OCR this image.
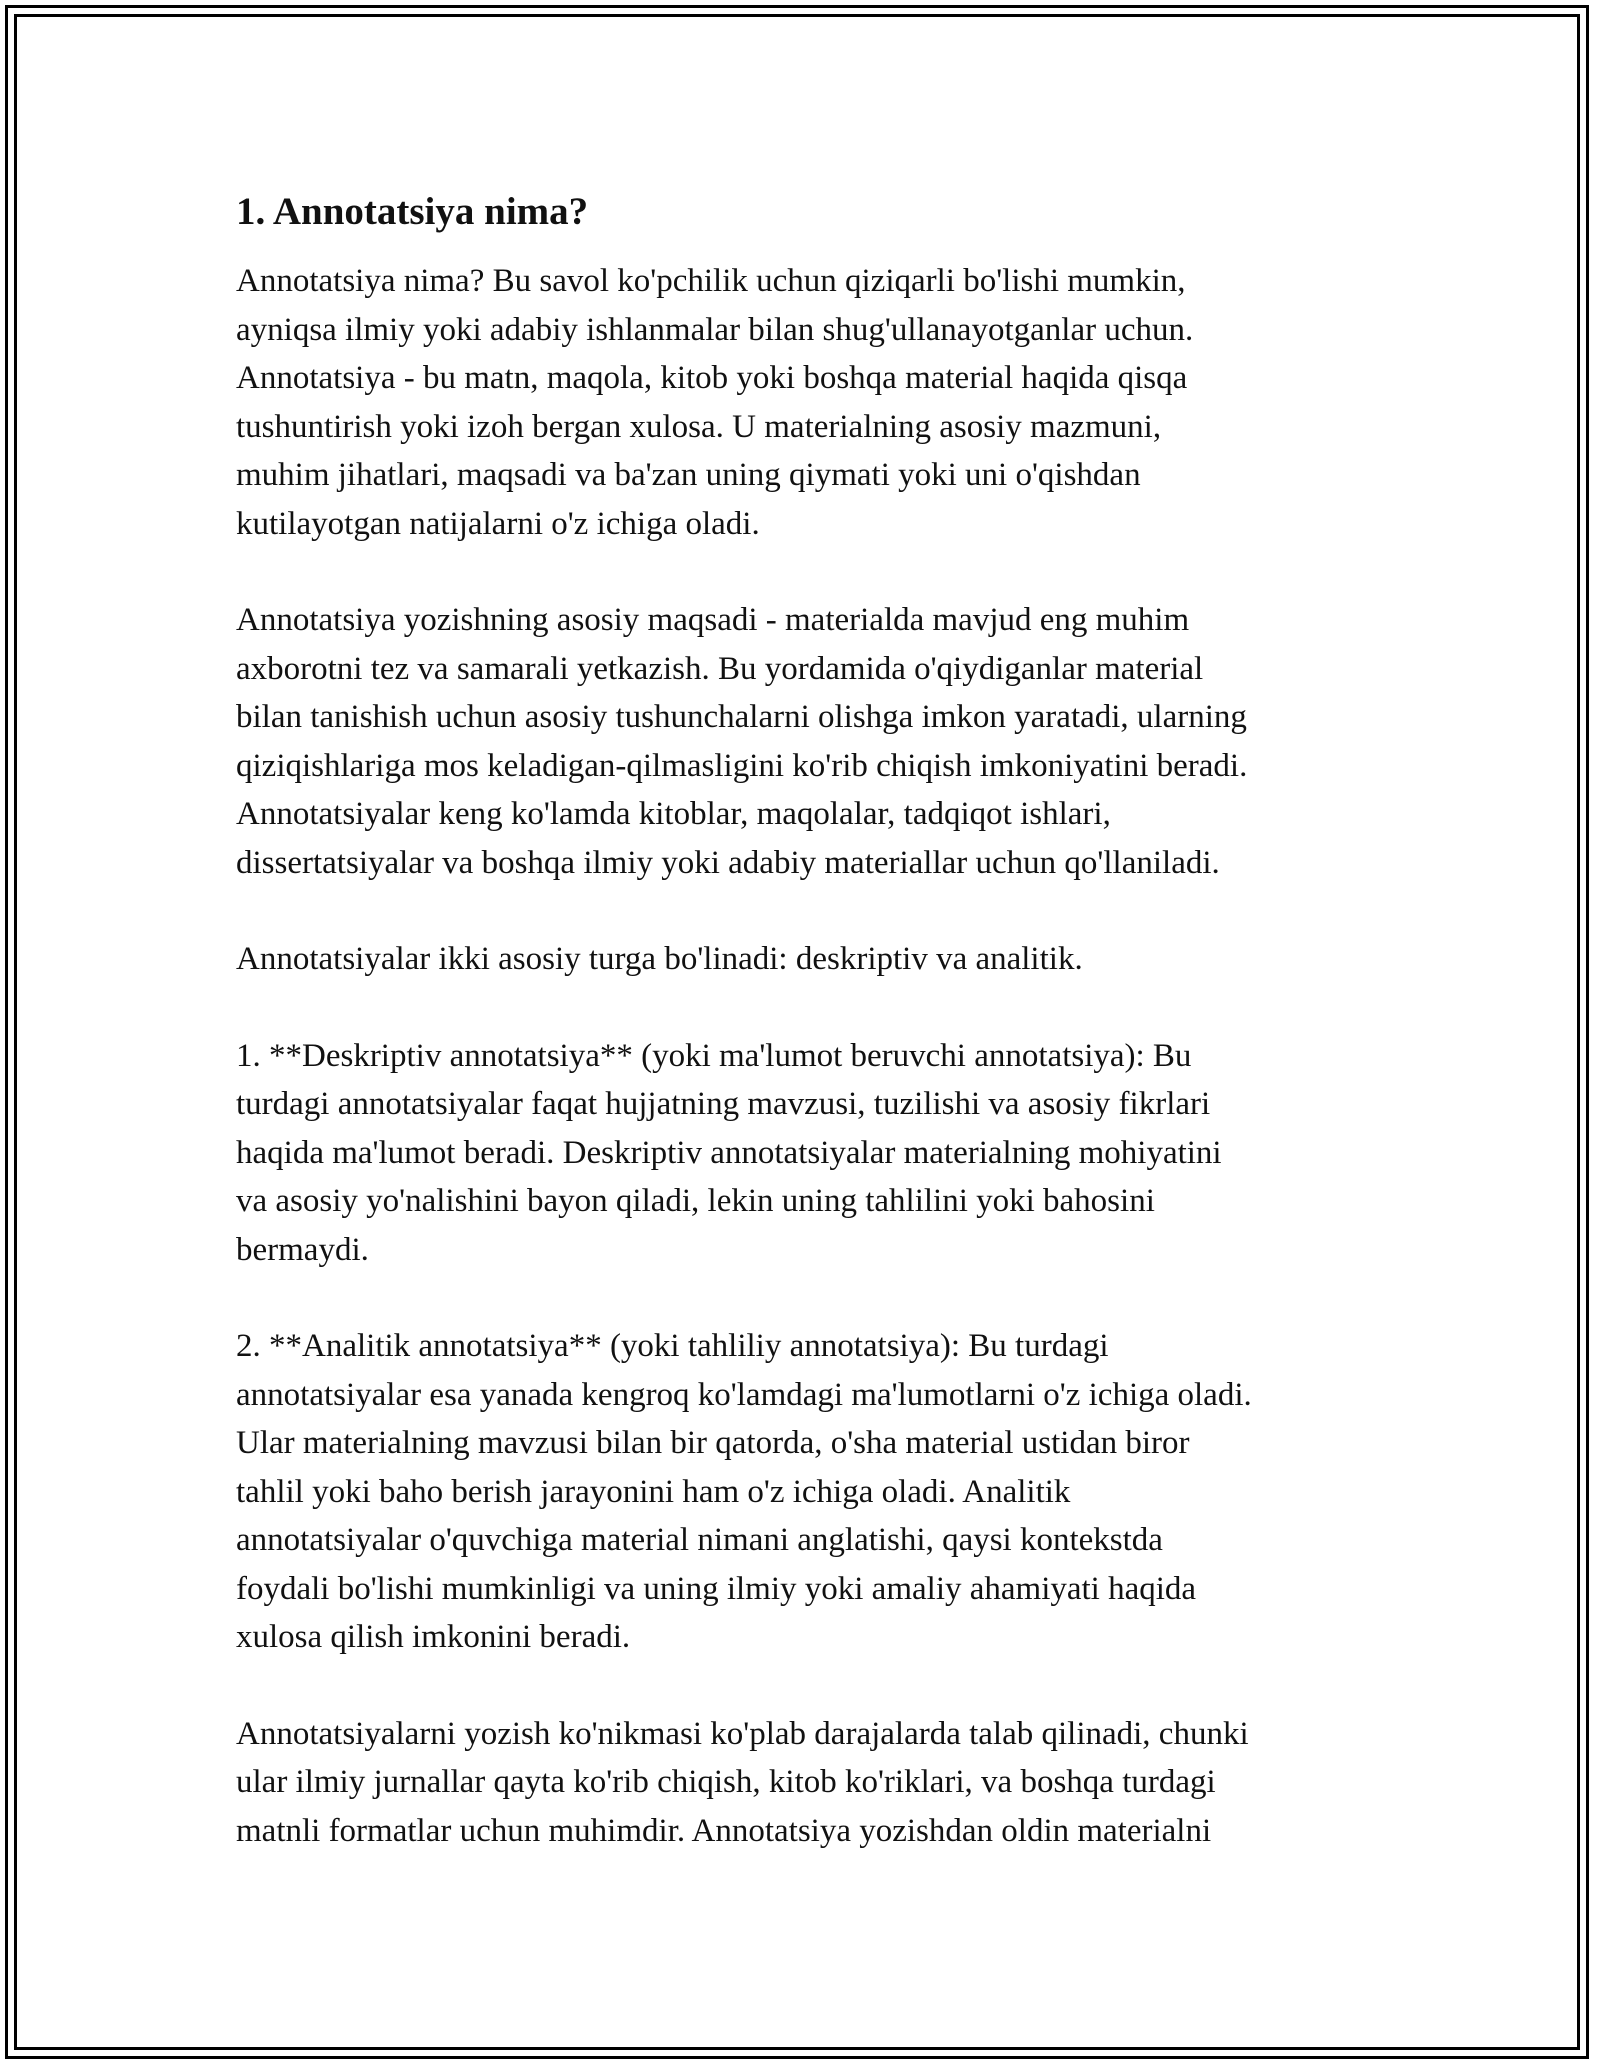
1. Annotatsiya nima?
Annotatsiya nima? Bu savol ko'pchilik uchun qiziqarli bo'lishi mumkin,
ayniqsa ilmiy yoki adabiy ishlanmalar bilan shug'ullanayotganlar uchun.
Annotatsiya - bu matn, maqola, kitob yoki boshqa material haqida qisqa
tushuntirish yoki izoh bergan xulosa. U materialning asosiy mazmuni,
muhim jihatlari, maqsadi va ba'zan uning qiymati yoki uni o'qishdan
kutilayotgan natijalarni o'z ichiga oladi.
Annotatsiya yozishning asosiy maqsadi - materialda mavjud eng muhim
axborotni tez va samarali yetkazish. Bu yordamida o'qiydiganlar material
bilan tanishish uchun asosiy tushunchalarni olishga imkon yaratadi, ularning
qiziqishlariga mos keladigan-qilmasligini ko'rib chiqish imkoniyatini beradi.
Annotatsiyalar keng ko'lamda kitoblar, maqolalar, tadqiqot ishlari,
dissertatsiyalar va boshqa ilmiy yoki adabiy materiallar uchun qo'llaniladi.
Annotatsiyalar ikki asosiy turga bo'linadi: deskriptiv va analitik.
1. **Deskriptiv annotatsiya** (yoki ma'lumot beruvchi annotatsiya): Bu
turdagi annotatsiyalar faqat hujjatning mavzusi, tuzilishi va asosiy fikrlari
haqida ma'lumot beradi. Deskriptiv annotatsiyalar materialning mohiyatini
va asosiy yo'nalishini bayon qiladi, lekin uning tahlilini yoki bahosini
bermaydi.
2. **Analitik annotatsiya** (yoki tahliliy annotatsiya): Bu turdagi
annotatsiyalar esa yanada kengroq ko'lamdagi ma'lumotlarni o'z ichiga oladi.
Ular materialning mavzusi bilan bir qatorda, o'sha material ustidan biror
tahlil yoki baho berish jarayonini ham o'z ichiga oladi. Analitik
annotatsiyalar o'quvchiga material nimani anglatishi, qaysi kontekstda
foydali bo'lishi mumkinligi va uning ilmiy yoki amaliy ahamiyati haqida
xulosa qilish imkonini beradi.
Annotatsiyalarni yozish ko'nikmasi ko'plab darajalarda talab qilinadi, chunki
ular ilmiy jurnallar qayta ko'rib chiqish, kitob ko'riklari, va boshqa turdagi
matnli formatlar uchun muhimdir. Annotatsiya yozishdan oldin materialni
